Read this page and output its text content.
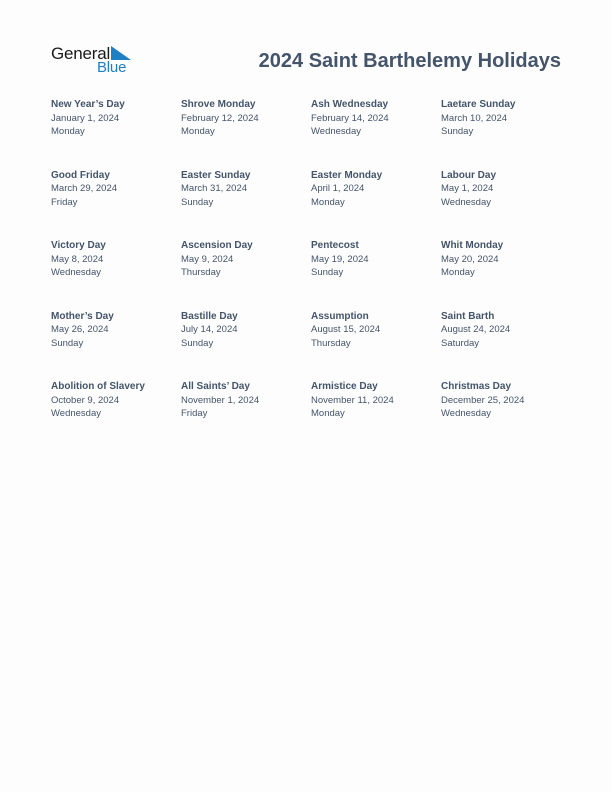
General
Blue	2024 Saint Barthelemy Holidays
New Year’s Day
January 1, 2024
Monday
Shrove Monday
February 12, 2024
Monday
Ash Wednesday
February 14, 2024
Wednesday
Laetare Sunday
March 10, 2024
Sunday
Good Friday
March 29, 2024
Friday
Easter Sunday
March 31, 2024
Sunday
Easter Monday
April 1, 2024
Monday
Labour Day
May 1, 2024
Wednesday
Victory Day
May 8, 2024
Wednesday
Ascension Day
May 9, 2024
Thursday
Pentecost
May 19, 2024
Sunday
Whit Monday
May 20, 2024
Monday
Mother’s Day
May 26, 2024
Sunday
Bastille Day
July 14, 2024
Sunday
Assumption
August 15, 2024
Thursday
Saint Barth
August 24, 2024
Saturday
Abolition of Slavery
October 9, 2024
Wednesday
All Saints’ Day
November 1, 2024
Friday
Armistice Day
November 11, 2024
Monday
Christmas Day
December 25, 2024
Wednesday
